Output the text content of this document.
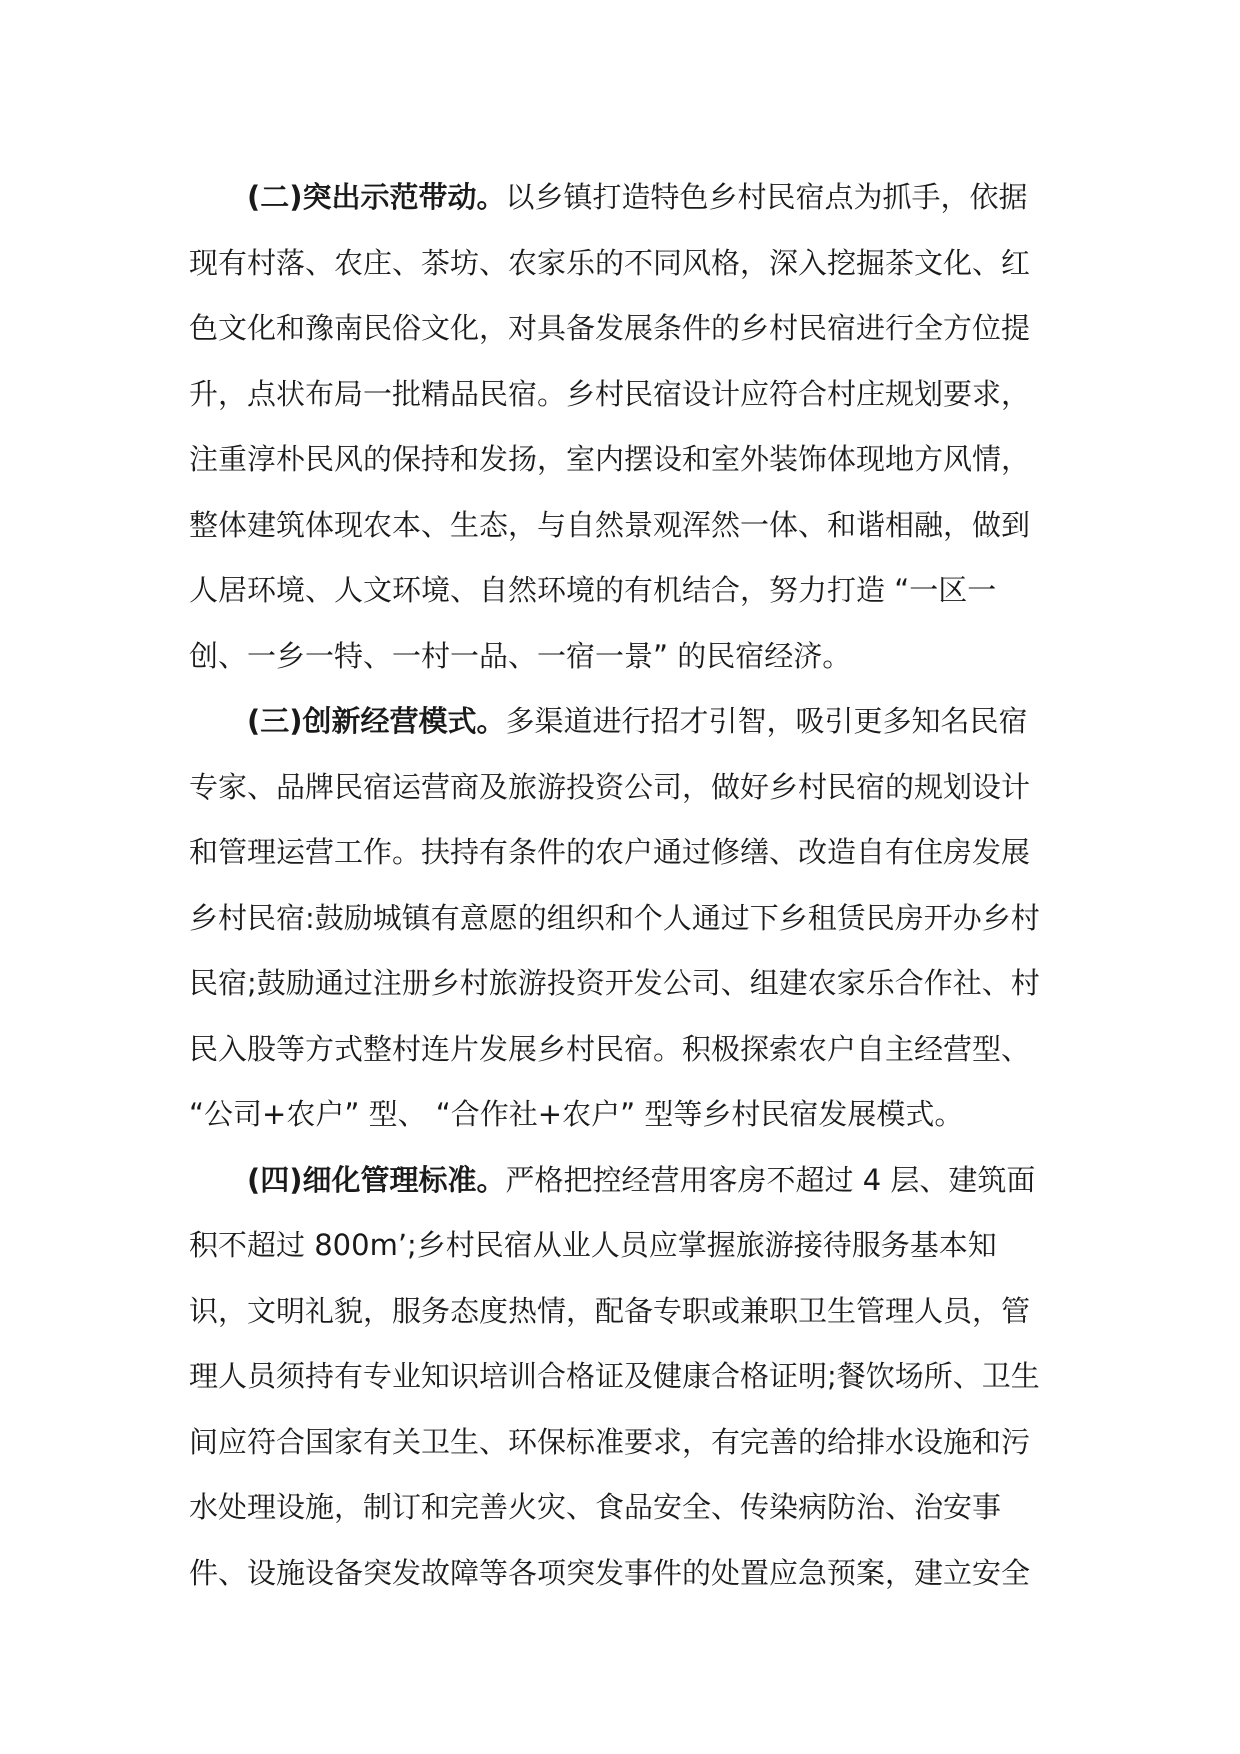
(二)突出示范带动。以乡镇打造特色乡村民宿点为抓手，依据
现有村落、农庄、茶坊、农家乐的不同风格，深入挖掘茶文化、红
色文化和豫南民俗文化，对具备发展条件的乡村民宿进行全方位提
升，点状布局一批精品民宿。乡村民宿设计应符合村庄规划要求，
注重淳朴民风的保持和发扬，室内摆设和室外装饰体现地方风情，
整体建筑体现农本、生态，与自然景观浑然一体、和谐相融，做到
人居环境、人文环境、自然环境的有机结合，努力打造 “一区一
创、一乡一特、一村一品、一宿一景” 的民宿经济。
(三)创新经营模式。多渠道进行招才引智，吸引更多知名民宿
专家、品牌民宿运营商及旅游投资公司，做好乡村民宿的规划设计
和管理运营工作。扶持有条件的农户通过修缮、改造自有住房发展
乡村民宿:鼓励城镇有意愿的组织和个人通过下乡租赁民房开办乡村
民宿;鼓励通过注册乡村旅游投资开发公司、组建农家乐合作社、村
民入股等方式整村连片发展乡村民宿。积极探索农户自主经营型、
“公司+农户” 型、 “合作社+农户” 型等乡村民宿发展模式。
(四)细化管理标准。严格把控经营用客房不超过 4 层、建筑面
积不超过 800m’;乡村民宿从业人员应掌握旅游接待服务基本知
识，文明礼貌，服务态度热情，配备专职或兼职卫生管理人员，管
理人员须持有专业知识培训合格证及健康合格证明;餐饮场所、卫生
间应符合国家有关卫生、环保标准要求，有完善的给排水设施和污
水处理设施，制订和完善火灾、食品安全、传染病防治、治安事
件、设施设备突发故障等各项突发事件的处置应急预案，建立安全
